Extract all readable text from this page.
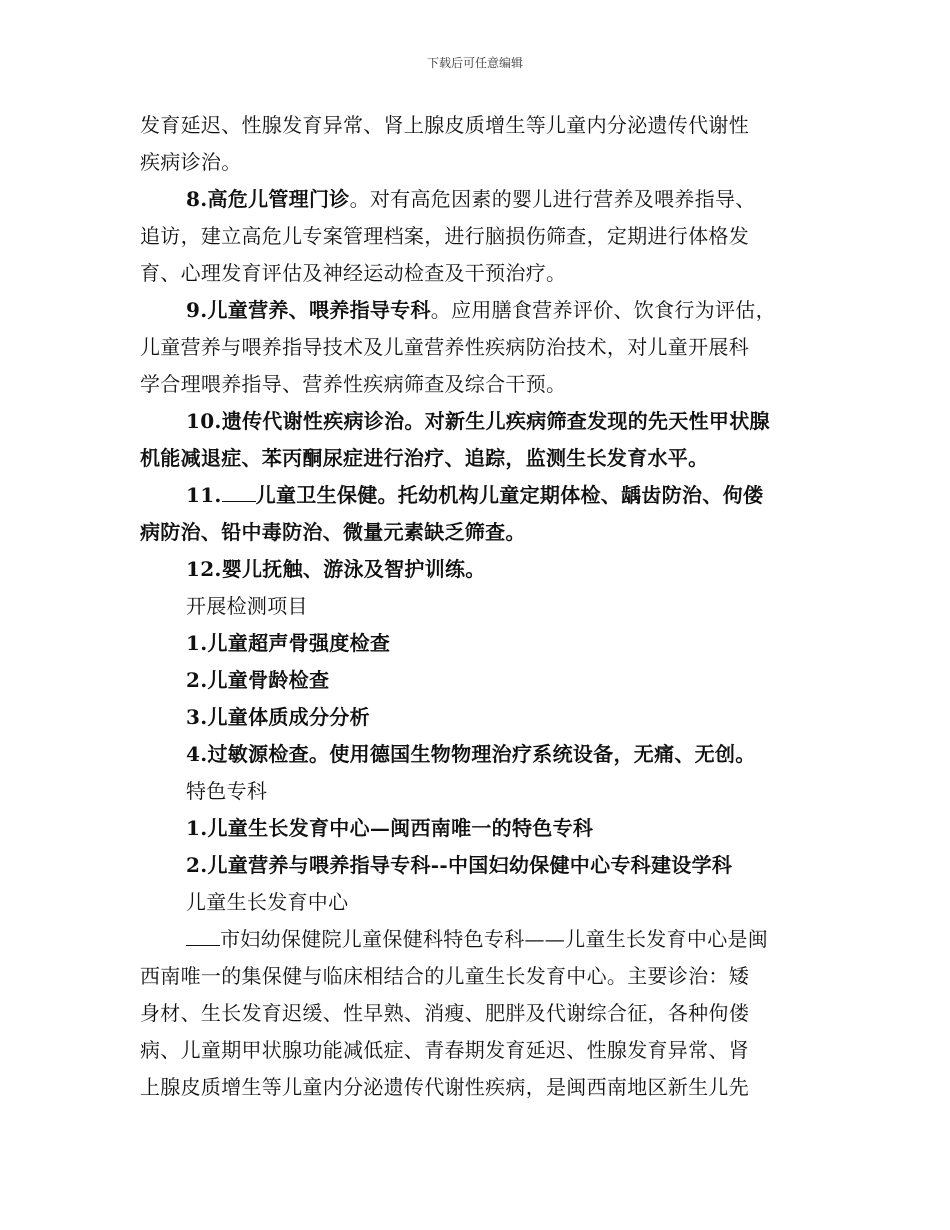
下载后可任意编辑
发育延迟、性腺发育异常、肾上腺皮质增生等儿童内分泌遗传代谢性
疾病诊治。
8.高危儿管理门诊。对有高危因素的婴儿进行营养及喂养指导、
追访，建立高危儿专案管理档案，进行脑损伤筛查，定期进行体格发
育、心理发育评估及神经运动检查及干预治疗。
9.儿童营养、喂养指导专科。应用膳食营养评价、饮食行为评估，
儿童营养与喂养指导技术及儿童营养性疾病防治技术，对儿童开展科
学合理喂养指导、营养性疾病筛查及综合干预。
10.遗传代谢性疾病诊治。对新生儿疾病筛查发现的先天性甲状腺
机能减退症、苯丙酮尿症进行治疗、追踪，监测生长发育水平。
11. 儿童卫生保健。托幼机构儿童定期体检、龋齿防治、佝偻
病防治、铅中毒防治、微量元素缺乏筛查。
12.婴儿抚触、游泳及智护训练。
开展检测项目
1.儿童超声骨强度检查
2.儿童骨龄检查
3.儿童体质成分分析
4.过敏源检查。使用德国生物物理治疗系统设备，无痛、无创。
特色专科
1.儿童生长发育中心—闽西南唯一的特色专科
2.儿童营养与喂养指导专科--中国妇幼保健中心专科建设学科
儿童生长发育中心
市妇幼保健院儿童保健科特色专科——儿童生长发育中心是闽
西南唯一的集保健与临床相结合的儿童生长发育中心。主要诊治：矮
身材、生长发育迟缓、性早熟、消瘦、肥胖及代谢综合征，各种佝偻
病、儿童期甲状腺功能减低症、青春期发育延迟、性腺发育异常、肾
上腺皮质增生等儿童内分泌遗传代谢性疾病，是闽西南地区新生儿先
